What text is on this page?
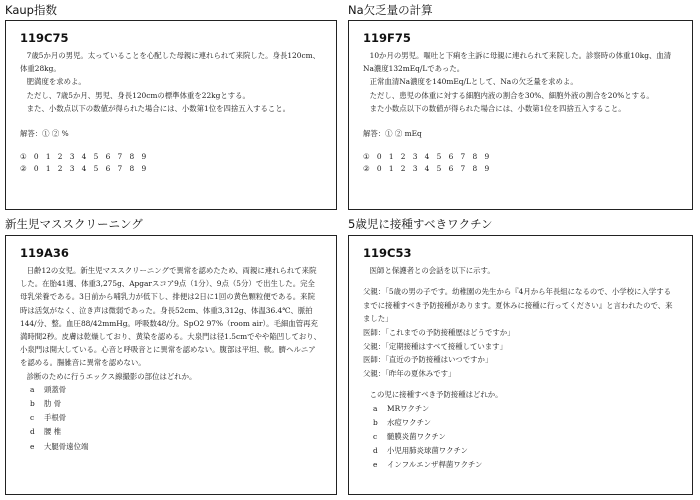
Kaup指数
119C75

7歳5か月の男児。太っていることを心配した母親に連れられて来院した。身長120cm、体重28kg。

肥満度を求めよ。

ただし、7歳5か月、男児、身長120cmの標準体重を22kgとする。

また、小数点以下の数値が得られた場合には、小数第1位を四捨五入すること。

解答：① ② %

① 0 1 2 3 4 5 6 7 8 9

② 0 1 2 3 4 5 6 7 8 9

Na欠乏量の計算
119F75

10か月の男児。嘔吐と下痢を主訴に母親に連れられて来院した。診察時の体重10kg、血清Na濃度132mEq/Lであった。

正常血清Na濃度を140mEq/Lとして、Naの欠乏量を求めよ。

ただし、患児の体重に対する細胞内液の割合を30%、細胞外液の割合を20%とする。

また小数点以下の数値が得られた場合には、小数第1位を四捨五入すること。

解答：① ② mEq

① 0 1 2 3 4 5 6 7 8 9

② 0 1 2 3 4 5 6 7 8 9

新生児マススクリーニング
119A36

日齢12の女児。新生児マススクリーニングで異常を認めたため、両親に連れられて来院した。在胎41週、体重3,275g、Apgarスコア9点（1分）、9点（5分）で出生した。完全母乳栄養である。3日前から哺乳力が低下し、排便は2日に1回の黄色顆粒便である。来院時は活気がなく、泣き声は微弱であった。身長52cm、体重3,312g、体温36.4℃、脈拍144/分、整。血圧88/42mmHg。呼吸数48/分。SpO2 97%（room air）。毛細血管再充満時間2秒。皮膚は乾燥しており、黄染を認める。大泉門は径1.5cmでやや陥凹しており、小泉門は開大している。心音と呼吸音とに異常を認めない。腹部は平坦、軟。臍ヘルニアを認める。腸雑音に異常を認めない。

診断のために行うエックス線撮影の部位はどれか。

a 頭蓋骨

b 肋 骨

c 手根骨

d 腰 椎

e 大腿骨遠位端

5歳児に接種すべきワクチン
119C53

医師と保護者との会話を以下に示す。

父親：「5歳の男の子です。幼稚園の先生から『4月から年長組になるので、小学校に入学するまでに接種すべき予防接種があります。夏休みに接種に行ってください』と言われたので、来ました」

医師：「これまでの予防接種歴はどうですか」

父親：「定期接種はすべて接種しています」

医師：「直近の予防接種はいつですか」

父親：「昨年の夏休みです」

この児に接種すべき予防接種はどれか。

a MRワクチン

b 水痘ワクチン

c 髄膜炎菌ワクチン

d 小児用肺炎球菌ワクチン

e インフルエンザ桿菌ワクチン
